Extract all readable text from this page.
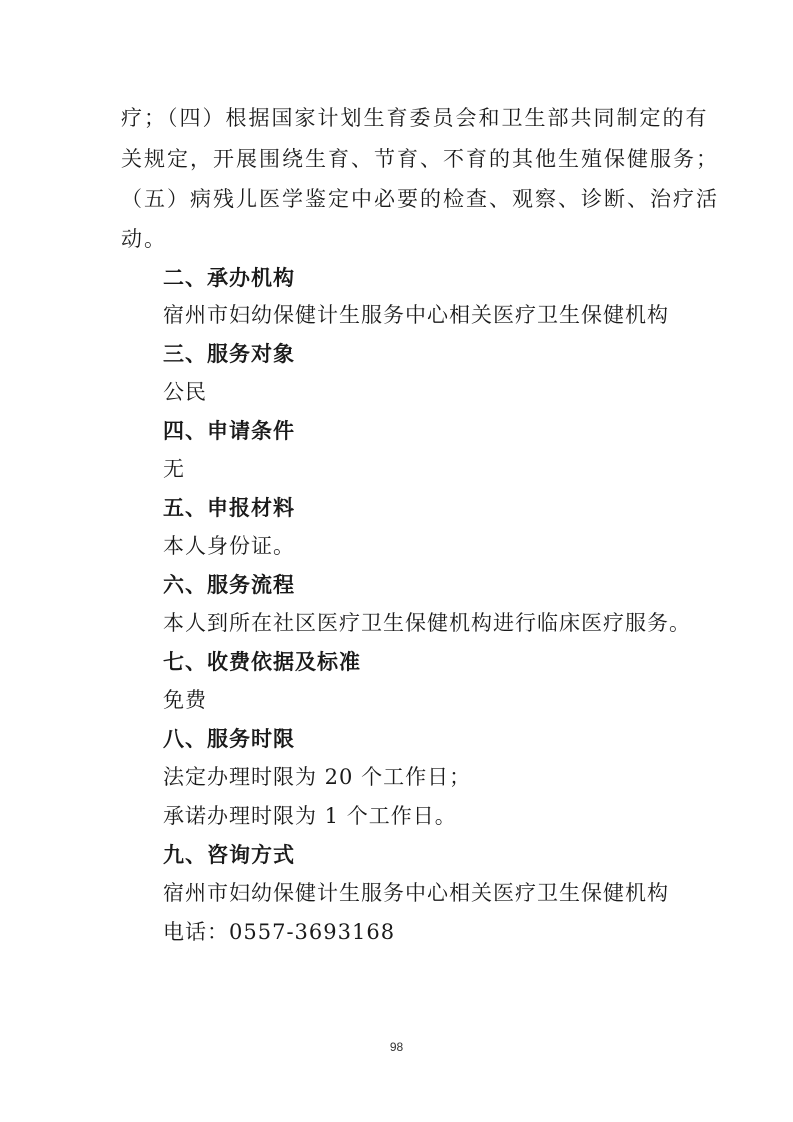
疗；（四）根据国家计划生育委员会和卫生部共同制定的有
关规定，开展围绕生育、节育、不育的其他生殖保健服务；
（五）病残儿医学鉴定中必要的检查、观察、诊断、治疗活
动。
二、承办机构
宿州市妇幼保健计生服务中心相关医疗卫生保健机构
三、服务对象
公民
四、申请条件
无
五、申报材料
本人身份证。
六、服务流程
本人到所在社区医疗卫生保健机构进行临床医疗服务。
七、收费依据及标准
免费
八、服务时限
法定办理时限为 20 个工作日；
承诺办理时限为 1 个工作日。
九、咨询方式
宿州市妇幼保健计生服务中心相关医疗卫生保健机构
电话：0557-3693168
98
